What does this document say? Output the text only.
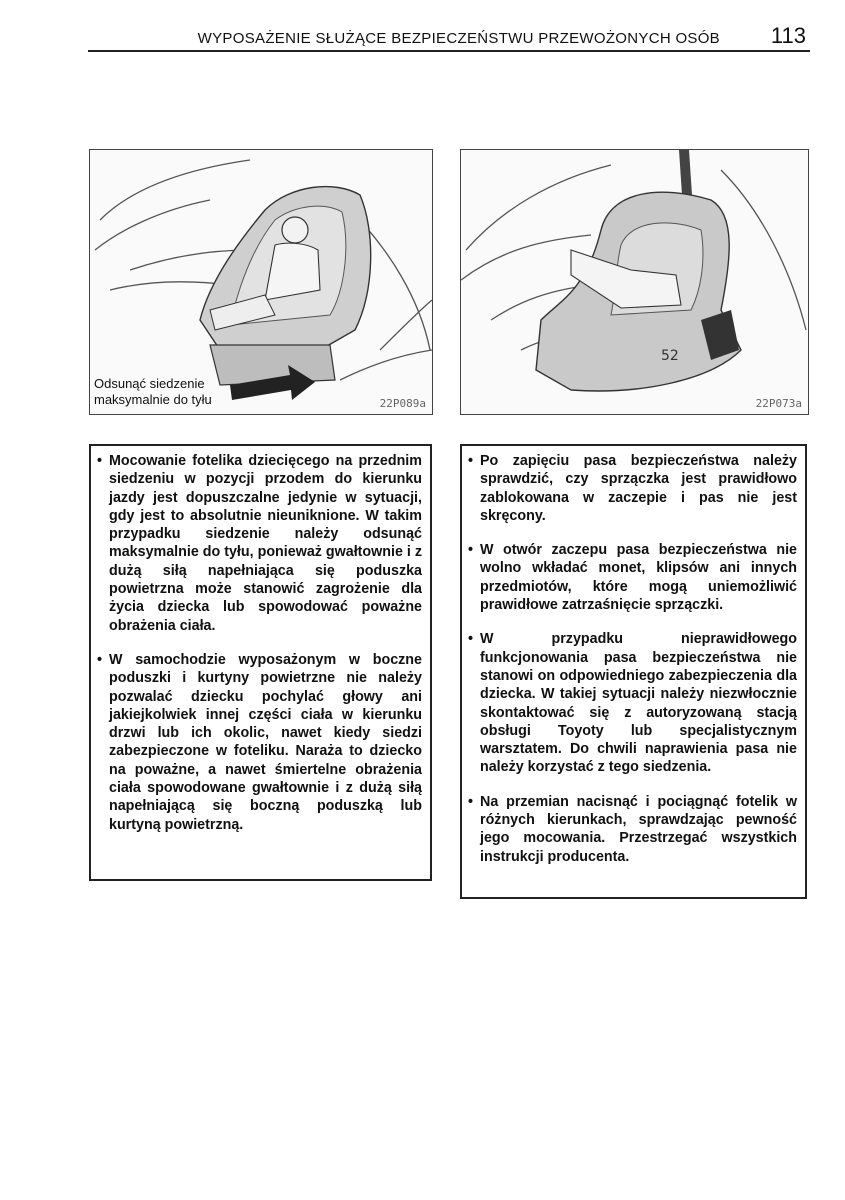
WYPOSAŻENIE SŁUŻĄCE BEZPIECZEŃSTWU PRZEWOŻONYCH OSÓB 113
Odsunąć siedzenie
maksymalnie do tyłu	22P089a
52
22P073a
• Mocowanie fotelika dziecięcego na przednim siedzeniu w pozycji przodem do kierunku jazdy jest dopuszczalne jedynie w sytuacji, gdy jest to absolutnie nieuniknione. W takim przypadku siedzenie należy odsunąć maksymalnie do tyłu, ponieważ gwałtownie i z dużą siłą napełniająca się poduszka powietrzna może stanowić zagrożenie dla życia dziecka lub spowodować poważne obrażenia ciała.
• W samochodzie wyposażonym w boczne poduszki i kurtyny powietrzne nie należy pozwalać dziecku pochylać głowy ani jakiejkolwiek innej części ciała w kierunku drzwi lub ich okolic, nawet kiedy siedzi zabezpieczone w foteliku. Naraża to dziecko na poważne, a nawet śmiertelne obrażenia ciała spowodowane gwałtownie i z dużą siłą napełniającą się boczną poduszką lub kurtyną powietrzną.
• Po zapięciu pasa bezpieczeństwa należy sprawdzić, czy sprzączka jest prawidłowo zablokowana w zaczepie i pas nie jest skręcony.
• W otwór zaczepu pasa bezpieczeństwa nie wolno wkładać monet, klipsów ani innych przedmiotów, które mogą uniemożliwić prawidłowe zatrzaśnięcie sprzączki.
• W przypadku nieprawidłowego funkcjonowania pasa bezpieczeństwa nie stanowi on odpowiedniego zabezpieczenia dla dziecka. W takiej sytuacji należy niezwłocznie skontaktować się z autoryzowaną stacją obsługi Toyoty lub specjalistycznym warsztatem. Do chwili naprawienia pasa nie należy korzystać z tego siedzenia.
• Na przemian nacisnąć i pociągnąć fotelik w różnych kierunkach, sprawdzając pewność jego mocowania. Przestrzegać wszystkich instrukcji producenta.
